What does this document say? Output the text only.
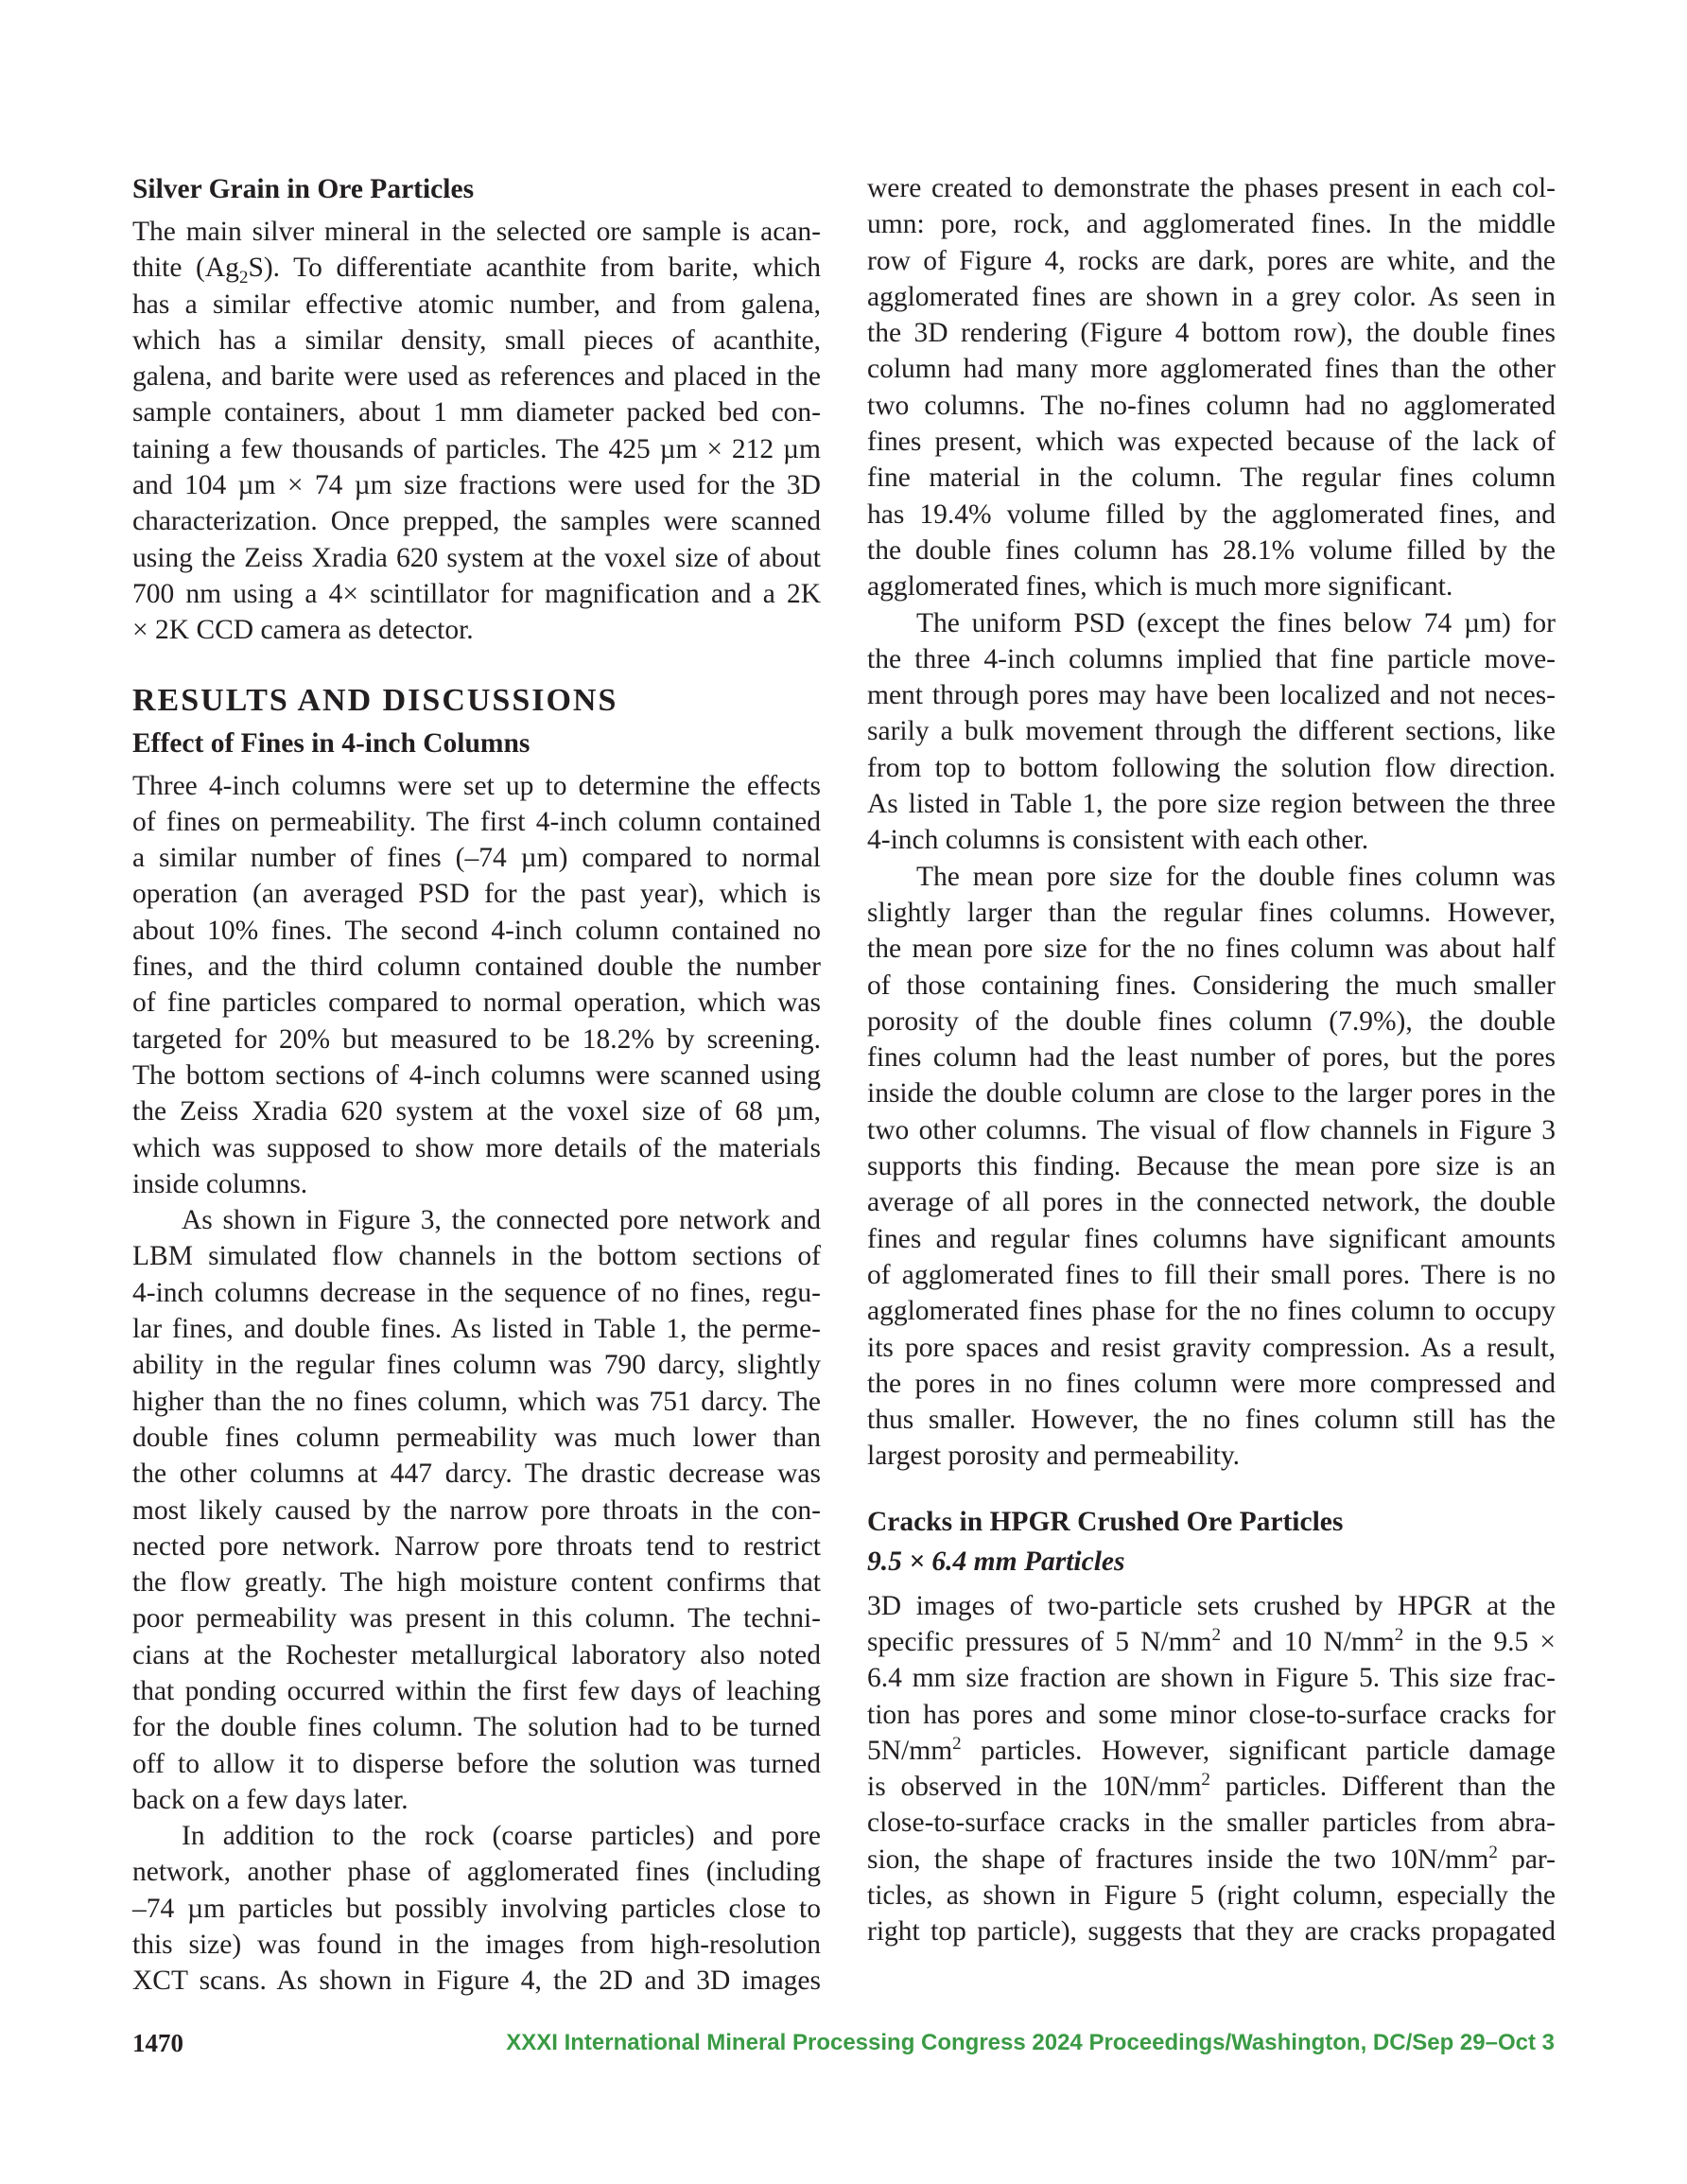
Silver Grain in Ore Particles
The main silver mineral in the selected ore sample is acan-
thite $(Ag_2S)$. To differentiate acanthite from barite, which
has a similar effective atomic number, and from galena,
which has a similar density, small pieces of acanthite,
galena, and barite were used as references and placed in the
sample containers, about 1 mm diameter packed bed con-
taining a few thousands of particles. The 425 µm × 212 µm
and 104 µm × 74 µm size fractions were used for the 3D
characterization. Once prepped, the samples were scanned
using the Zeiss Xradia 620 system at the voxel size of about
700 nm using a 4× scintillator for magnification and a 2K
× 2K CCD camera as detector.
RESULTS AND DISCUSSIONS
Effect of Fines in 4-inch Columns
Three 4-inch columns were set up to determine the effects
of fines on permeability. The first 4-inch column contained
a similar number of fines (–74 µm) compared to normal
operation (an averaged PSD for the past year), which is
about 10% fines. The second 4-inch column contained no
fines, and the third column contained double the number
of fine particles compared to normal operation, which was
targeted for 20% but measured to be 18.2% by screening.
The bottom sections of 4-inch columns were scanned using
the Zeiss Xradia 620 system at the voxel size of 68 µm,
which was supposed to show more details of the materials
inside columns.
As shown in Figure 3, the connected pore network and
LBM simulated flow channels in the bottom sections of
4-inch columns decrease in the sequence of no fines, regu-
lar fines, and double fines. As listed in Table 1, the perme-
ability in the regular fines column was 790 darcy, slightly
higher than the no fines column, which was 751 darcy. The
double fines column permeability was much lower than
the other columns at 447 darcy. The drastic decrease was
most likely caused by the narrow pore throats in the con-
nected pore network. Narrow pore throats tend to restrict
the flow greatly. The high moisture content confirms that
poor permeability was present in this column. The techni-
cians at the Rochester metallurgical laboratory also noted
that ponding occurred within the first few days of leaching
for the double fines column. The solution had to be turned
off to allow it to disperse before the solution was turned
back on a few days later.
In addition to the rock (coarse particles) and pore
network, another phase of agglomerated fines (including
–74 µm particles but possibly involving particles close to
this size) was found in the images from high-resolution
XCT scans. As shown in Figure 4, the 2D and 3D images
were created to demonstrate the phases present in each col-
umn: pore, rock, and agglomerated fines. In the middle
row of Figure 4, rocks are dark, pores are white, and the
agglomerated fines are shown in a grey color. As seen in
the 3D rendering (Figure 4 bottom row), the double fines
column had many more agglomerated fines than the other
two columns. The no-fines column had no agglomerated
fines present, which was expected because of the lack of
fine material in the column. The regular fines column
has 19.4% volume filled by the agglomerated fines, and
the double fines column has 28.1% volume filled by the
agglomerated fines, which is much more significant.
The uniform PSD (except the fines below 74 µm) for
the three 4-inch columns implied that fine particle move-
ment through pores may have been localized and not neces-
sarily a bulk movement through the different sections, like
from top to bottom following the solution flow direction.
As listed in Table 1, the pore size region between the three
4-inch columns is consistent with each other.
The mean pore size for the double fines column was
slightly larger than the regular fines columns. However,
the mean pore size for the no fines column was about half
of those containing fines. Considering the much smaller
porosity of the double fines column (7.9%), the double
fines column had the least number of pores, but the pores
inside the double column are close to the larger pores in the
two other columns. The visual of flow channels in Figure 3
supports this finding. Because the mean pore size is an
average of all pores in the connected network, the double
fines and regular fines columns have significant amounts
of agglomerated fines to fill their small pores. There is no
agglomerated fines phase for the no fines column to occupy
its pore spaces and resist gravity compression. As a result,
the pores in no fines column were more compressed and
thus smaller. However, the no fines column still has the
largest porosity and permeability.
Cracks in HPGR Crushed Ore Particles
9.5 × 6.4 mm Particles
3D images of two-particle sets crushed by HPGR at the
specific pressures of 5 $N/mm^2$ and 10 $N/mm^2$ in the 9.5 ×
6.4 mm size fraction are shown in Figure 5. This size frac-
tion has pores and some minor close-to-surface cracks for
$5N/mm^2$ particles. However, significant particle damage
is observed in the $10N/mm^2$ particles. Different than the
close-to-surface cracks in the smaller particles from abra-
sion, the shape of fractures inside the two $10N/mm^2$ par-
ticles, as shown in Figure 5 (right column, especially the
right top particle), suggests that they are cracks propagated
1470	XXXI International Mineral Processing Congress 2024 Proceedings/Washington, DC/Sep 29–Oct 3
